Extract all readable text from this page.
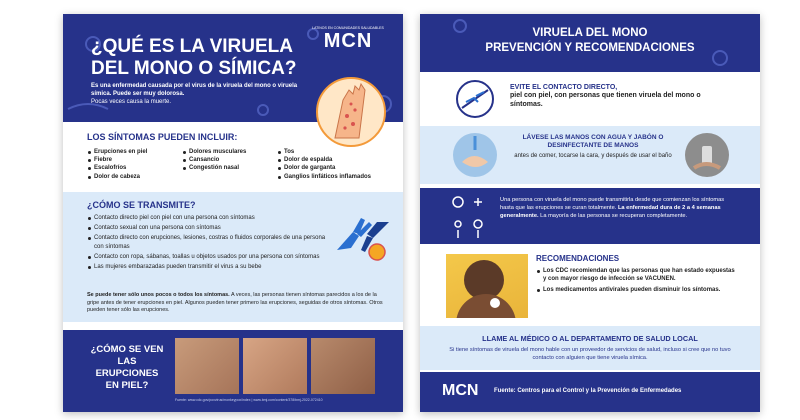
¿QUÉ ES LA VIRUELA
DEL MONO O SÍMICA?
LATINOS EN COMUNIDADES SALUDABLES
MCN
Es una enfermedad causada por el virus de la viruela del mono o viruela símica. Puede ser muy dolorosa.
Pocas veces causa la muerte.
LOS SÍNTOMAS PUEDEN INCLUIR:
Erupciones en piel
Fiebre
Escalofríos
Dolor de cabeza
Dolores musculares
Cansancio
Congestión nasal
Tos
Dolor de espalda
Dolor de garganta
Ganglios linfáticos inflamados
¿CÓMO SE TRANSMITE?
Contacto directo piel con piel con una persona con síntomas
Contacto sexual con una persona con síntomas
Contacto directo con erupciones, lesiones, costras o fluidos corporales de una persona con síntomas
Contacto con ropa, sábanas, toallas u objetos usados por una persona con síntomas
Las mujeres embarazadas pueden transmitir el virus a su bebe
Se puede tener sólo unos pocos o todos los síntomas. A veces, las personas tienen síntomas parecidos a los de la gripe antes de tener erupciones en piel. Algunos pueden tener primero las erupciones, seguidas de otros síntomas. Otros pueden tener sólo las erupciones.
¿CÓMO SE VEN LAS ERUPCIONES EN PIEL?
Fuente: www.cdc.gov/poxvirus/monkeypox/index | www.bmj.com/content/378/bmj-2022-072410
VIRUELA DEL MONO
PREVENCIÓN Y RECOMENDACIONES
EVITE EL CONTACTO DIRECTO,
piel con piel, con personas que tienen viruela del mono o síntomas.
LÁVESE LAS MANOS CON AGUA Y JABÓN O DESINFECTANTE DE MANOS
antes de comer, tocarse la cara, y después de usar el baño
Una persona con viruela del mono puede transmitirla desde que comienzan los síntomas hasta que las erupciones se curan totalmente. La enfermedad dura de 2 a 4 semanas generalmente. La mayoría de las personas se recuperan completamente.
RECOMENDACIONES
Los CDC recomiendan que las personas que han estado expuestas y con mayor riesgo de infección se VACUNEN.
Los medicamentos antivirales pueden disminuir los síntomas.
LLAME AL MÉDICO O AL DEPARTAMENTO DE SALUD LOCAL
Si tiene síntomas de viruela del mono hable con un proveedor de servicios de salud, incluso si cree que no tuvo contacto con alguien que tiene viruela símica.
MCN	Fuente: Centros para el Control y la Prevención de Enfermedades
